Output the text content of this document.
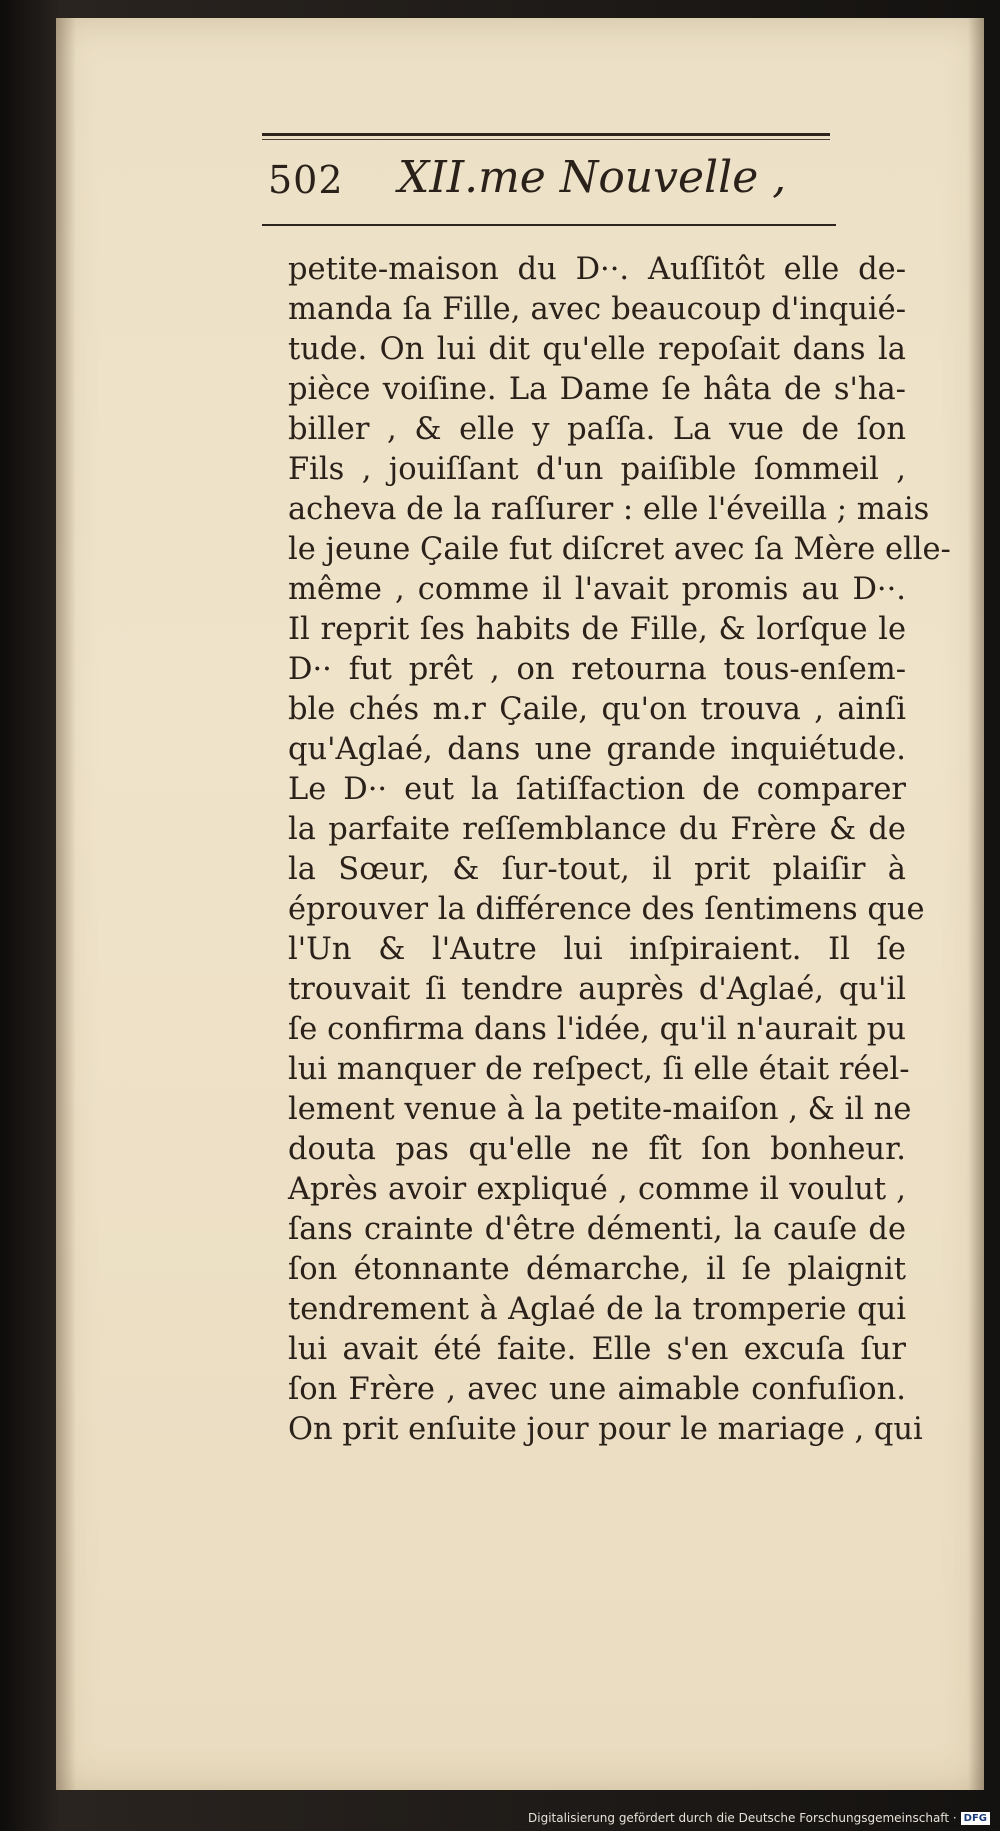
502 XII.me Nouvelle ,
petite-maison du D··. Auſſitôt elle de-
manda ſa Fille, avec beaucoup d'inquié-
tude. On lui dit qu'elle repoſait dans la
pièce voiſine. La Dame ſe hâta de s'ha-
biller , & elle y paſſa. La vue de ſon
Fils , jouiſſant d'un paiſible ſommeil ,
acheva de la raſſurer : elle l'éveilla ; mais
le jeune Çaile fut diſcret avec ſa Mère elle-
même , comme il l'avait promis au D··.
Il reprit ſes habits de Fille, & lorſque le
D·· fut prêt , on retourna tous-enſem-
ble chés m.r Çaile, qu'on trouva , ainſi
qu'Aglaé, dans une grande inquiétude.
Le D·· eut la ſatiſfaction de comparer
la parfaite reſſemblance du Frère & de
la Sœur, & ſur-tout, il prit plaiſir à
éprouver la différence des ſentimens que
l'Un & l'Autre lui inſpiraient. Il ſe
trouvait ſi tendre auprès d'Aglaé, qu'il
ſe confirma dans l'idée, qu'il n'aurait pu
lui manquer de reſpect, ſi elle était réel-
lement venue à la petite-maiſon , & il ne
douta pas qu'elle ne fît ſon bonheur.
Après avoir expliqué , comme il voulut ,
ſans crainte d'être démenti, la cauſe de
ſon étonnante démarche, il ſe plaignit
tendrement à Aglaé de la tromperie qui
lui avait été faite. Elle s'en excuſa ſur
ſon Frère , avec une aimable confuſion.
On prit enſuite jour pour le mariage , qui
Digitalisierung gefördert durch die Deutsche Forschungsgemeinschaft · DFG
